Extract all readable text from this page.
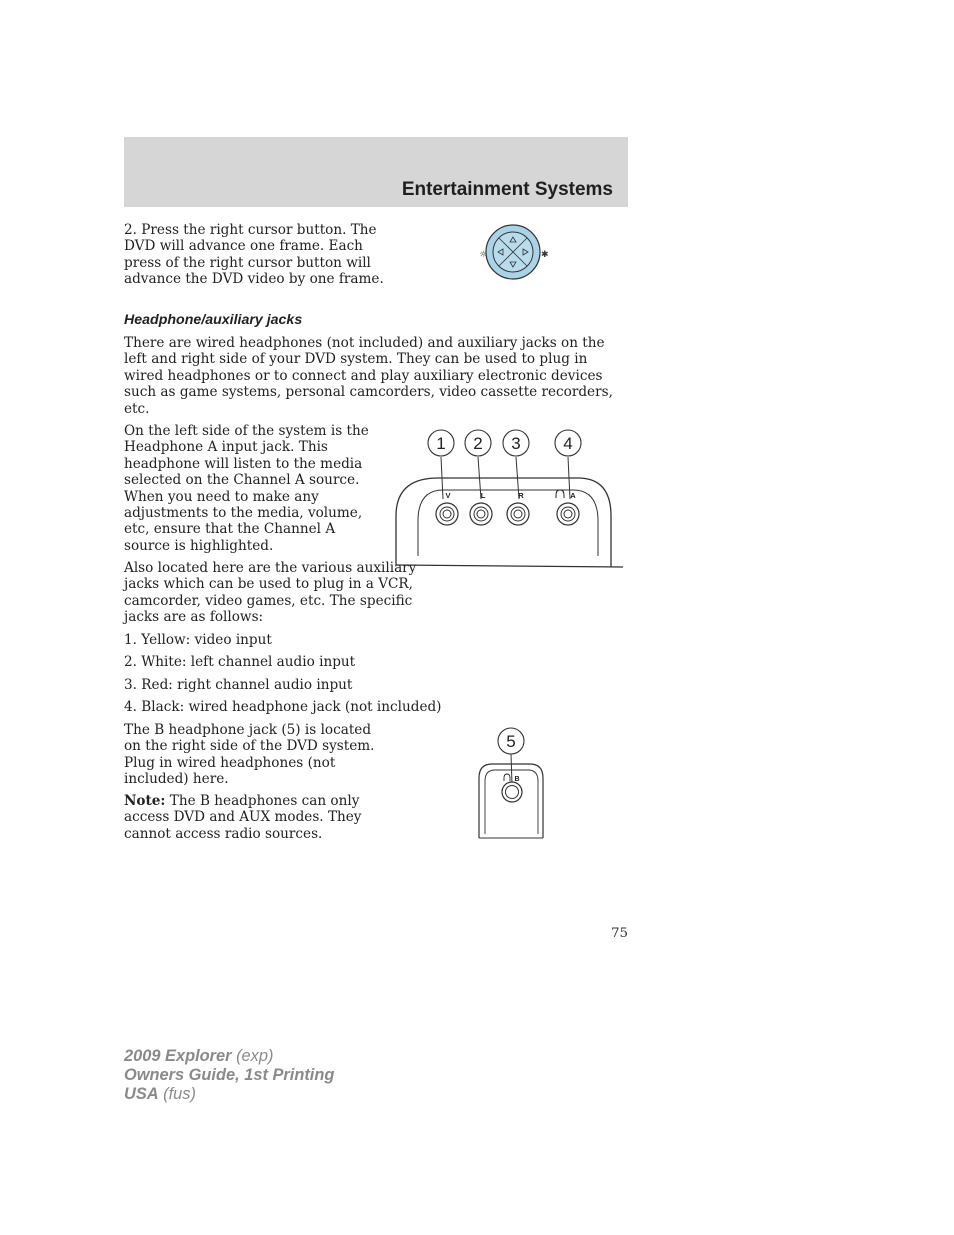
Entertainment Systems

2. Press the right cursor button. The DVD will advance one frame. Each press of the right cursor button will advance the DVD video by one frame.

☼	✱
Headphone/auxiliary jacks

There are wired headphones (not included) and auxiliary jacks on the left and right side of your DVD system. They can be used to plug in wired headphones or to connect and play auxiliary electronic devices such as game systems, personal camcorders, video cassette recorders, etc.

On the left side of the system is the Headphone A input jack. This headphone will listen to the media selected on the Channel A source. When you need to make any adjustments to the media, volume, etc, ensure that the Channel A source is highlighted.

1 2 3	4
V	L	R	A

Also located here are the various auxiliary jacks which can be used to plug in a VCR, camcorder, video games, etc. The specific jacks are as follows:

1. Yellow: video input

2. White: left channel audio input

3. Red: right channel audio input

4. Black: wired headphone jack (not included)

The B headphone jack (5) is located on the right side of the DVD system. Plug in wired headphones (not included) here.

Note: The B headphones can only access DVD and AUX modes. They cannot access radio sources.

5
B
75
2009 Explorer (exp)
Owners Guide, 1st Printing
USA (fus)
